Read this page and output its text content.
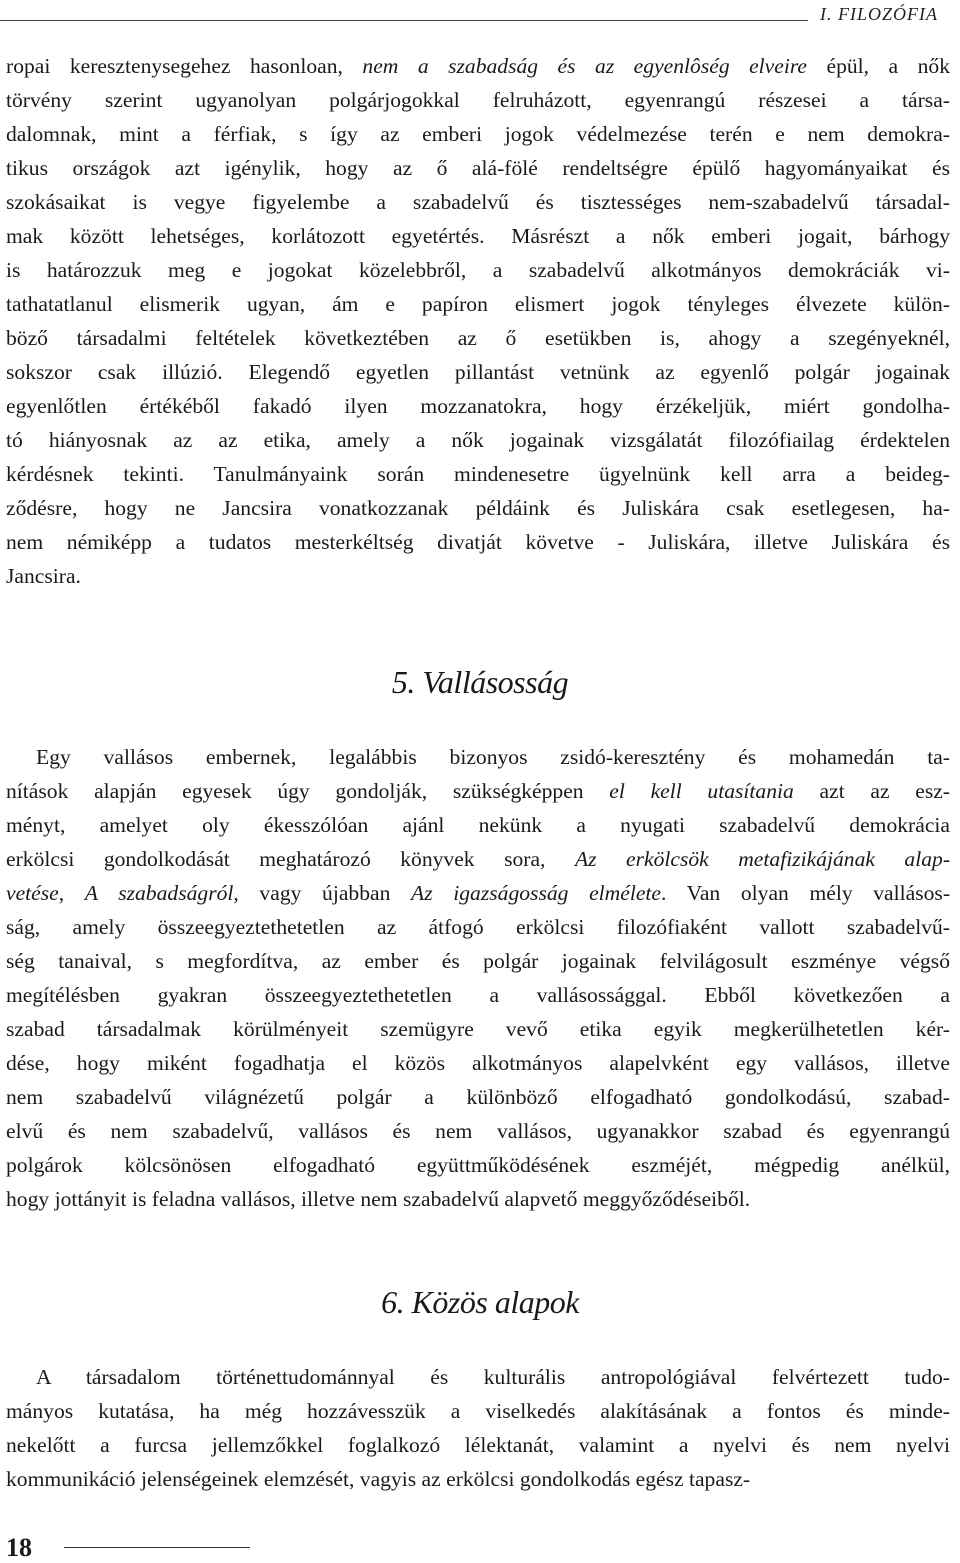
I. FILOZÓFIA
ropai keresztenysegehez hasonloan, nem a szabadság és az egyenlôség elveire épül, a nők
törvény szerint ugyanolyan polgárjogokkal felruházott, egyenrangú részesei a társa-
dalomnak, mint a férfiak, s így az emberi jogok védelmezése terén e nem demokra-
tikus országok azt igénylik, hogy az ő alá-fölé rendeltségre épülő hagyományaikat és
szokásaikat is vegye figyelembe a szabadelvű és tisztességes nem-szabadelvű társadal-
mak között lehetséges, korlátozott egyetértés. Másrészt a nők emberi jogait, bárhogy
is határozzuk meg e jogokat közelebbről, a szabadelvű alkotmányos demokráciák vi-
tathatatlanul elismerik ugyan, ám e papíron elismert jogok tényleges élvezete külön-
böző társadalmi feltételek következtében az ő esetükben is, ahogy a szegényeknél,
sokszor csak illúzió. Elegendő egyetlen pillantást vetnünk az egyenlő polgár jogainak
egyenlőtlen értékéből fakadó ilyen mozzanatokra, hogy érzékeljük, miért gondolha-
tó hiányosnak az az etika, amely a nők jogainak vizsgálatát filozófiailag érdektelen
kérdésnek tekinti. Tanulmányaink során mindenesetre ügyelnünk kell arra a beideg-
ződésre, hogy ne Jancsira vonatkozzanak példáink és Juliskára csak esetlegesen, ha-
nem némiképp a tudatos mesterkéltség divatját követve - Juliskára, illetve Juliskára és
Jancsira.
5. Vallásosság
Egy vallásos embernek, legalábbis bizonyos zsidó-keresztény és mohamedán ta-
nítások alapján egyesek úgy gondolják, szükségképpen el kell utasítania azt az esz-
ményt, amelyet oly ékesszólóan ajánl nekünk a nyugati szabadelvű demokrácia
erkölcsi gondolkodását meghatározó könyvek sora, Az erkölcsök metafizikájának alap-
vetése, A szabadságról, vagy újabban Az igazságosság elmélete. Van olyan mély vallásos-
ság, amely összeegyeztethetetlen az átfogó erkölcsi filozófiaként vallott szabadelvű-
ség tanaival, s megfordítva, az ember és polgár jogainak felvilágosult eszménye végső
megítélésben gyakran összeegyeztethetetlen a vallásossággal. Ebből következően a
szabad társadalmak körülményeit szemügyre vevő etika egyik megkerülhetetlen kér-
dése, hogy miként fogadhatja el közös alkotmányos alapelvként egy vallásos, illetve
nem szabadelvű világnézetű polgár a különböző elfogadható gondolkodású, szabad-
elvű és nem szabadelvű, vallásos és nem vallásos, ugyanakkor szabad és egyenrangú
polgárok kölcsönösen elfogadható együttműködésének eszméjét, mégpedig anélkül,
hogy jottányit is feladna vallásos, illetve nem szabadelvű alapvető meggyőződéseiből.
6. Közös alapok
A társadalom történettudománnyal és kulturális antropológiával felvértezett tudo-
mányos kutatása, ha még hozzávesszük a viselkedés alakításának a fontos és minde-
nekelőtt a furcsa jellemzőkkel foglalkozó lélektanát, valamint a nyelvi és nem nyelvi
kommunikáció jelenségeinek elemzését, vagyis az erkölcsi gondolkodás egész tapasz-
18
